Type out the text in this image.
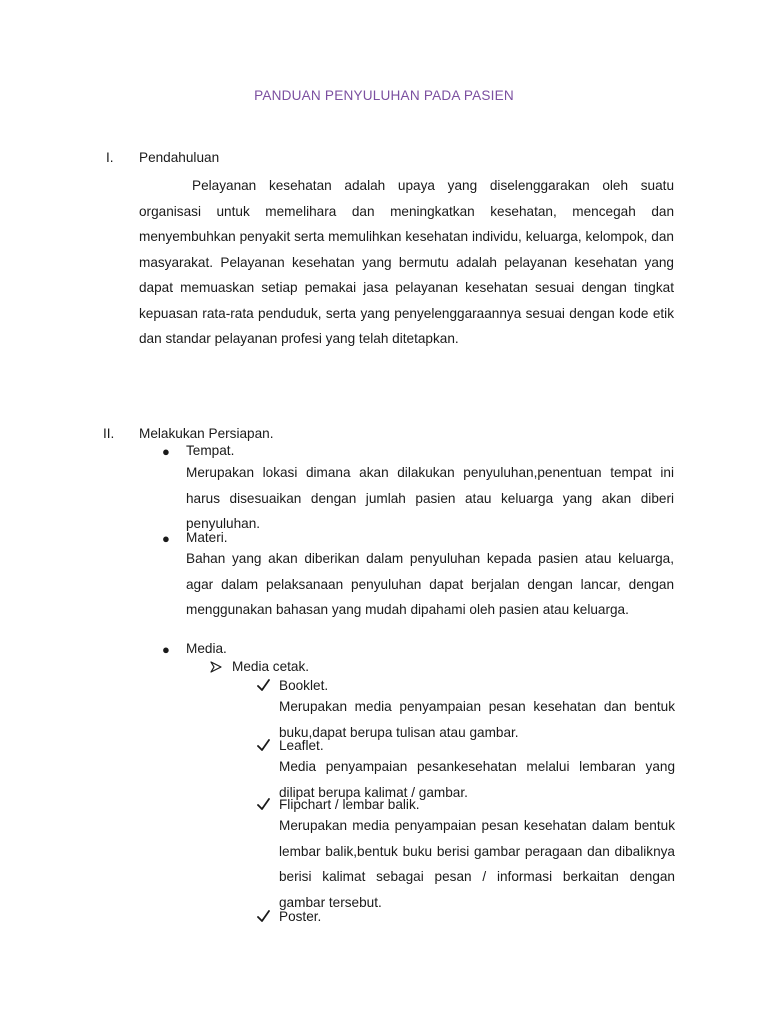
PANDUAN PENYULUHAN PADA PASIEN
I. Pendahuluan
Pelayanan kesehatan adalah upaya yang diselenggarakan oleh suatu organisasi untuk memelihara dan meningkatkan kesehatan, mencegah dan menyembuhkan penyakit serta memulihkan kesehatan individu, keluarga, kelompok, dan masyarakat. Pelayanan kesehatan yang bermutu adalah pelayanan kesehatan yang dapat memuaskan setiap pemakai jasa pelayanan kesehatan sesuai dengan tingkat kepuasan rata-rata penduduk, serta yang penyelenggaraannya sesuai dengan kode etik dan standar pelayanan profesi yang telah ditetapkan.
II. Melakukan Persiapan.
● Tempat.
Merupakan lokasi dimana akan dilakukan penyuluhan,penentuan tempat ini harus disesuaikan dengan jumlah pasien atau keluarga yang akan diberi penyuluhan.
● Materi.
Bahan yang akan diberikan dalam penyuluhan kepada pasien atau keluarga, agar dalam pelaksanaan penyuluhan dapat berjalan dengan lancar, dengan menggunakan bahasan yang mudah dipahami oleh pasien atau keluarga.
● Media.
Media cetak.
Booklet.
Merupakan media penyampaian pesan kesehatan dan bentuk buku,dapat berupa tulisan atau gambar.
Leaflet.
Media penyampaian pesankesehatan melalui lembaran yang dilipat berupa kalimat / gambar.
Flipchart / lembar balik.
Merupakan media penyampaian pesan kesehatan dalam bentuk lembar balik,bentuk buku berisi gambar peragaan dan dibaliknya berisi kalimat sebagai pesan / informasi berkaitan dengan gambar tersebut.
Poster.
